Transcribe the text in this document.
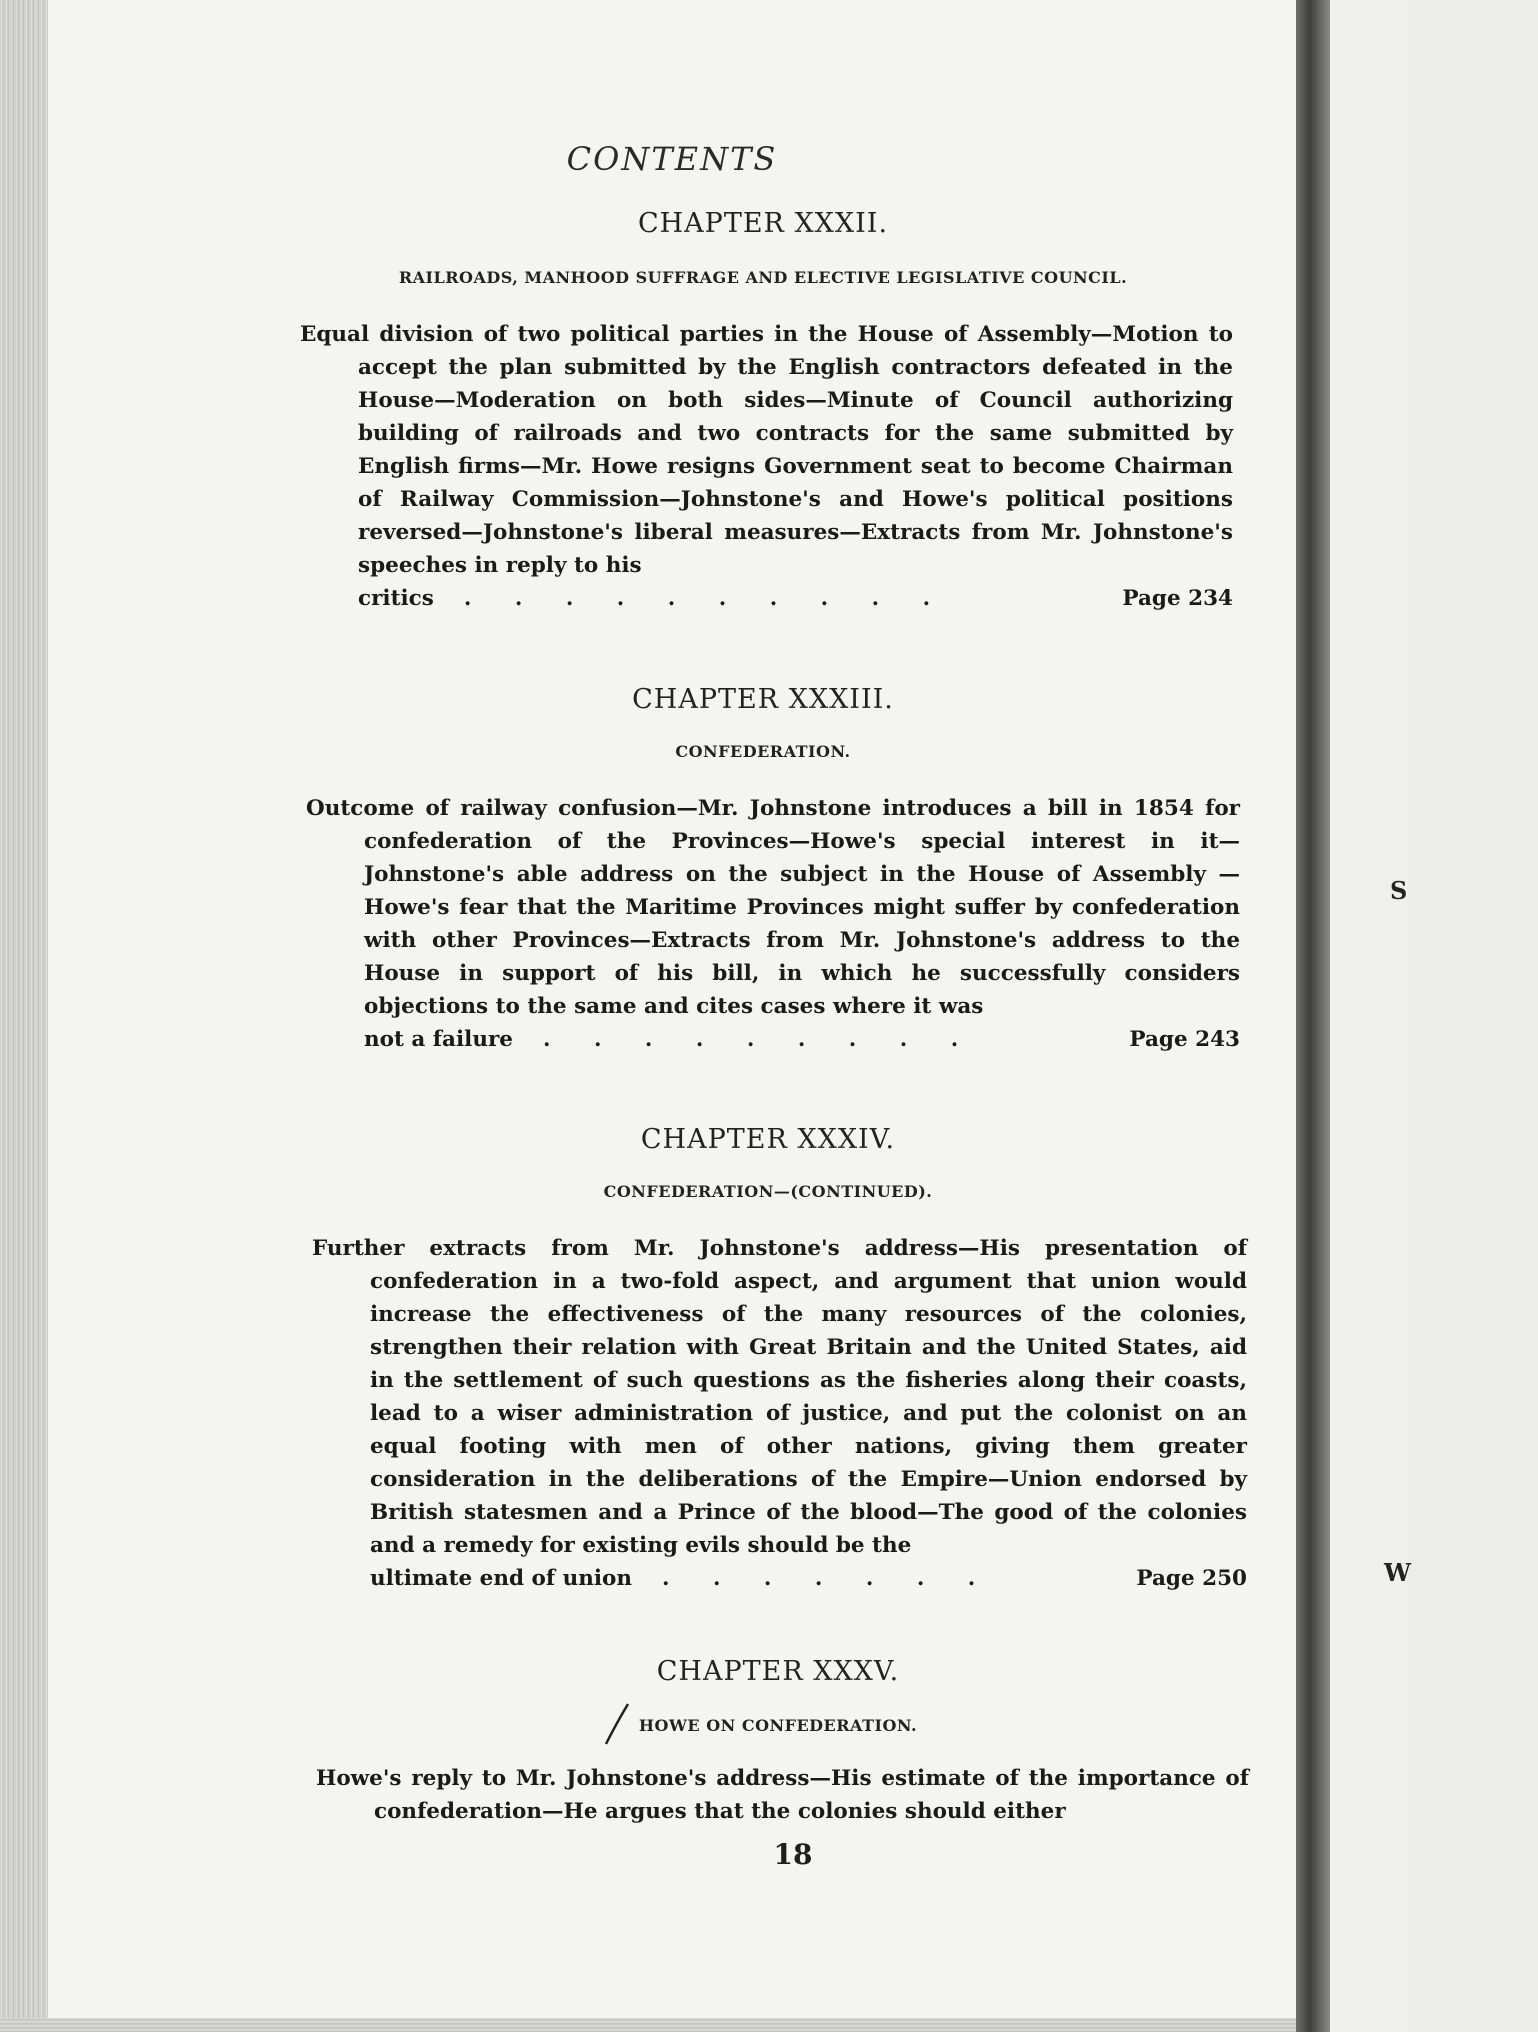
S
W
CONTENTS
CHAPTER XXXII.
RAILROADS, MANHOOD SUFFRAGE AND ELECTIVE LEGISLATIVE COUNCIL.

Equal division of two political parties in the House of Assembly—Motion to accept the plan submitted by the English contractors defeated in the House—Moderation on both sides—Minute of Council authorizing building of railroads and two contracts for the same submitted by English firms—Mr. Howe resigns Government seat to become Chairman of Railway Commission—Johnstone's and Howe's political positions reversed—Johnstone's liberal measures—Extracts from Mr. Johnstone's speeches in reply to his

critics	. . . . . . . . . .	Page 234
CHAPTER XXXIII.
CONFEDERATION.

Outcome of railway confusion—Mr. Johnstone introduces a bill in 1854 for confederation of the Provinces—Howe's special interest in it—Johnstone's able address on the subject in the House of Assembly —Howe's fear that the Maritime Provinces might suffer by confederation with other Provinces—Extracts from Mr. Johnstone's address to the House in support of his bill, in which he successfully considers objections to the same and cites cases where it was

not a failure	. . . . . . . . .	Page 243
CHAPTER XXXIV.
CONFEDERATION—(CONTINUED).

Further extracts from Mr. Johnstone's address—His presentation of confederation in a two-fold aspect, and argument that union would increase the effectiveness of the many resources of the colonies, strengthen their relation with Great Britain and the United States, aid in the settlement of such questions as the fisheries along their coasts, lead to a wiser administration of justice, and put the colonist on an equal footing with men of other nations, giving them greater consideration in the deliberations of the Empire—Union endorsed by British statesmen and a Prince of the blood—The good of the colonies and a remedy for existing evils should be the

ultimate end of union	. . . . . . .	Page 250
CHAPTER XXXV.
HOWE ON CONFEDERATION.

Howe's reply to Mr. Johnstone's address—His estimate of the importance of confederation—He argues that the colonies should either

18
